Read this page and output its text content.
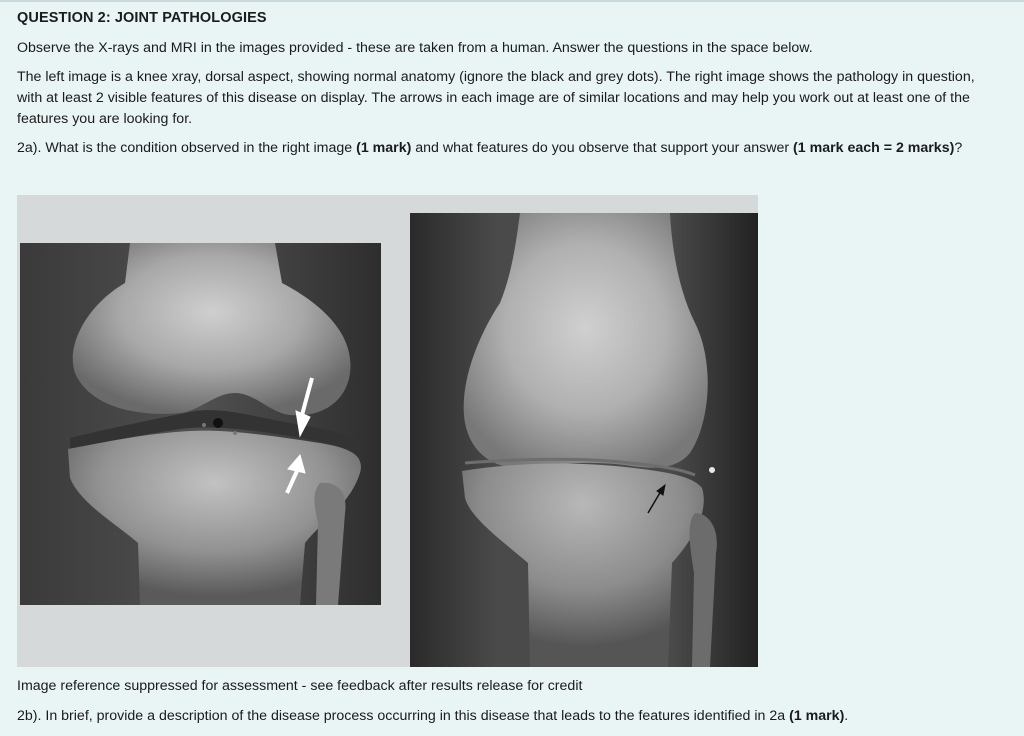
QUESTION 2: JOINT PATHOLOGIES

Observe the X-rays and MRI in the images provided - these are taken from a human. Answer the questions in the space below.

The left image is a knee xray, dorsal aspect, showing normal anatomy (ignore the black and grey dots). The right image shows the pathology in question, with at least 2 visible features of this disease on display. The arrows in each image are of similar locations and may help you work out at least one of the features you are looking for.

2a). What is the condition observed in the right image (1 mark) and what features do you observe that support your answer (1 mark each = 2 marks)?

Image reference suppressed for assessment - see feedback after results release for credit

2b). In brief, provide a description of the disease process occurring in this disease that leads to the features identified in 2a (1 mark).
